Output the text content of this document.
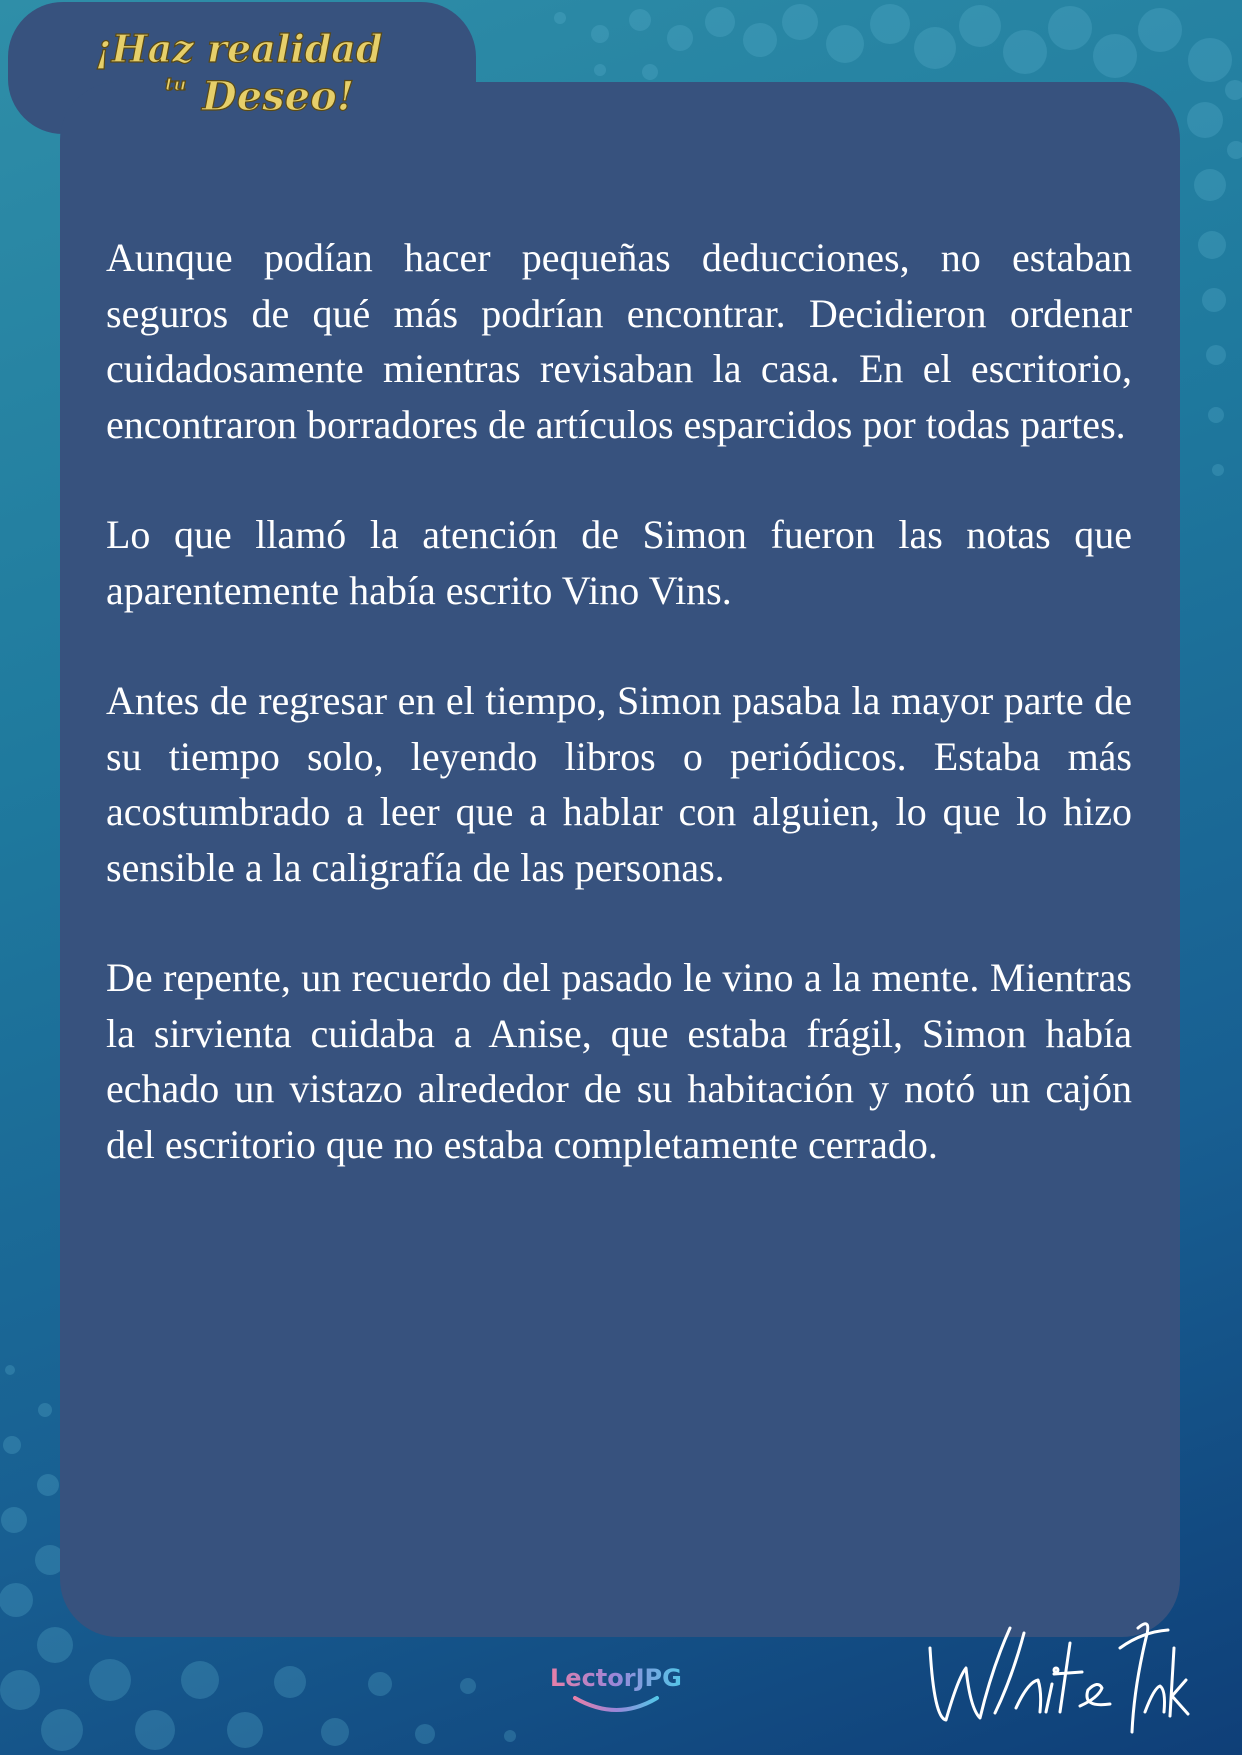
¡Haz realidad
tu Deseo!

Aunque podían hacer pequeñas deducciones, no estaban seguros de qué más podrían encontrar. Decidieron ordenar cuidadosamente mientras revisaban la casa. En el escritorio, encontraron borradores de artículos esparcidos por todas partes.

Lo que llamó la atención de Simon fueron las notas que aparentemente había escrito Vino Vins.

Antes de regresar en el tiempo, Simon pasaba la mayor parte de su tiempo solo, leyendo libros o periódicos. Estaba más acostumbrado a leer que a hablar con alguien, lo que lo hizo sensible a la caligrafía de las personas.

De repente, un recuerdo del pasado le vino a la mente. Mientras la sirvienta cuidaba a Anise, que estaba frágil, Simon había echado un vistazo alrededor de su habitación y notó un cajón del escritorio que no estaba completamente cerrado.

LectorJPG
